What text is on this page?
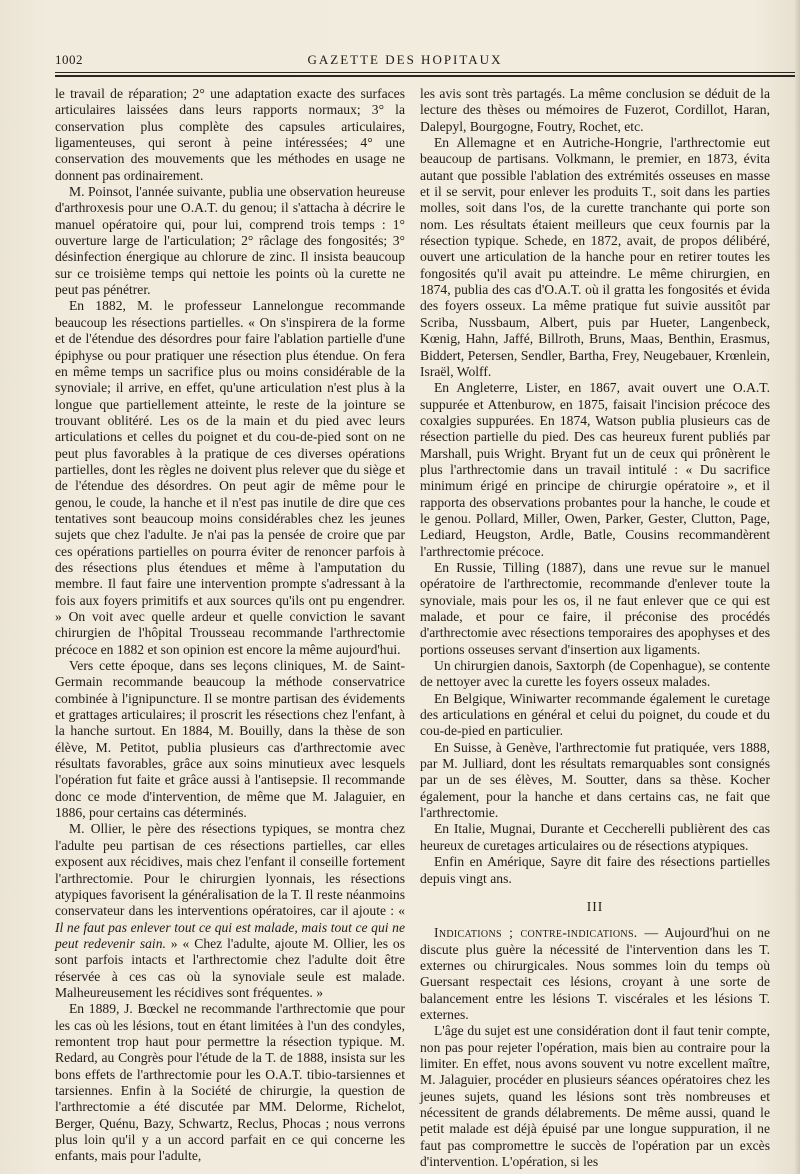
1002	GAZETTE DES HOPITAUX

le travail de réparation; 2° une adaptation exacte des surfaces articulaires laissées dans leurs rapports normaux; 3° la conservation plus complète des capsules articulaires, ligamenteuses, qui seront à peine intéressées; 4° une conservation des mouvements que les méthodes en usage ne donnent pas ordinairement.

M. Poinsot, l'année suivante, publia une observation heureuse d'arthroxesis pour une O.A.T. du genou; il s'attacha à décrire le manuel opératoire qui, pour lui, comprend trois temps : 1° ouverture large de l'articulation; 2° râclage des fongosités; 3° désinfection énergique au chlorure de zinc. Il insista beaucoup sur ce troisième temps qui nettoie les points où la curette ne peut pas pénétrer.

En 1882, M. le professeur Lannelongue recommande beaucoup les résections partielles. « On s'inspirera de la forme et de l'étendue des désordres pour faire l'ablation partielle d'une épiphyse ou pour pratiquer une résection plus étendue. On fera en même temps un sacrifice plus ou moins considérable de la synoviale; il arrive, en effet, qu'une articulation n'est plus à la longue que partiellement atteinte, le reste de la jointure se trouvant oblitéré. Les os de la main et du pied avec leurs articulations et celles du poignet et du cou-de-pied sont on ne peut plus favorables à la pratique de ces diverses opérations partielles, dont les règles ne doivent plus relever que du siège et de l'étendue des désordres. On peut agir de même pour le genou, le coude, la hanche et il n'est pas inutile de dire que ces tentatives sont beaucoup moins considérables chez les jeunes sujets que chez l'adulte. Je n'ai pas la pensée de croire que par ces opérations partielles on pourra éviter de renoncer parfois à des résections plus étendues et même à l'amputation du membre. Il faut faire une intervention prompte s'adressant à la fois aux foyers primitifs et aux sources qu'ils ont pu engendrer. » On voit avec quelle ardeur et quelle conviction le savant chirurgien de l'hôpital Trousseau recommande l'arthrectomie précoce en 1882 et son opinion est encore la même aujourd'hui.

Vers cette époque, dans ses leçons cliniques, M. de Saint-Germain recommande beaucoup la méthode conservatrice combinée à l'ignipuncture. Il se montre partisan des évidements et grattages articulaires; il proscrit les résections chez l'enfant, à la hanche surtout. En 1884, M. Bouilly, dans la thèse de son élève, M. Petitot, publia plusieurs cas d'arthrectomie avec résultats favorables, grâce aux soins minutieux avec lesquels l'opération fut faite et grâce aussi à l'antisepsie. Il recommande donc ce mode d'intervention, de même que M. Jalaguier, en 1886, pour certains cas déterminés.

M. Ollier, le père des résections typiques, se montra chez l'adulte peu partisan de ces résections partielles, car elles exposent aux récidives, mais chez l'enfant il conseille fortement l'arthrectomie. Pour le chirurgien lyonnais, les résections atypiques favorisent la généralisation de la T. Il reste néanmoins conservateur dans les interventions opératoires, car il ajoute : « Il ne faut pas enlever tout ce qui est malade, mais tout ce qui ne peut redevenir sain. » « Chez l'adulte, ajoute M. Ollier, les os sont parfois intacts et l'arthrectomie chez l'adulte doit être réservée à ces cas où la synoviale seule est malade. Malheureusement les récidives sont fréquentes. »

En 1889, J. Bœckel ne recommande l'arthrectomie que pour les cas où les lésions, tout en étant limitées à l'un des condyles, remontent trop haut pour permettre la résection typique. M. Redard, au Congrès pour l'étude de la T. de 1888, insista sur les bons effets de l'arthrectomie pour les O.A.T. tibio-tarsiennes et tarsiennes. Enfin à la Société de chirurgie, la question de l'arthrectomie a été discutée par MM. Delorme, Richelot, Berger, Quénu, Bazy, Schwartz, Reclus, Phocas ; nous verrons plus loin qu'il y a un accord parfait en ce qui concerne les enfants, mais pour l'adulte,

les avis sont très partagés. La même conclusion se déduit de la lecture des thèses ou mémoires de Fuzerot, Cordillot, Haran, Dalepyl, Bourgogne, Foutry, Rochet, etc.

En Allemagne et en Autriche-Hongrie, l'arthrectomie eut beaucoup de partisans. Volkmann, le premier, en 1873, évita autant que possible l'ablation des extrémités osseuses en masse et il se servit, pour enlever les produits T., soit dans les parties molles, soit dans l'os, de la curette tranchante qui porte son nom. Les résultats étaient meilleurs que ceux fournis par la résection typique. Schede, en 1872, avait, de propos délibéré, ouvert une articulation de la hanche pour en retirer toutes les fongosités qu'il avait pu atteindre. Le même chirurgien, en 1874, publia des cas d'O.A.T. où il gratta les fongosités et évida des foyers osseux. La même pratique fut suivie aussitôt par Scriba, Nussbaum, Albert, puis par Hueter, Langenbeck, Kœnig, Hahn, Jaffé, Billroth, Bruns, Maas, Benthin, Erasmus, Biddert, Petersen, Sendler, Bartha, Frey, Neugebauer, Krœnlein, Israël, Wolff.

En Angleterre, Lister, en 1867, avait ouvert une O.A.T. suppurée et Attenburow, en 1875, faisait l'incision précoce des coxalgies suppurées. En 1874, Watson publia plusieurs cas de résection partielle du pied. Des cas heureux furent publiés par Marshall, puis Wright. Bryant fut un de ceux qui prônèrent le plus l'arthrectomie dans un travail intitulé : « Du sacrifice minimum érigé en principe de chirurgie opératoire », et il rapporta des observations probantes pour la hanche, le coude et le genou. Pollard, Miller, Owen, Parker, Gester, Clutton, Page, Lediard, Heugston, Ardle, Batle, Cousins recommandèrent l'arthrectomie précoce.

En Russie, Tilling (1887), dans une revue sur le manuel opératoire de l'arthrectomie, recommande d'enlever toute la synoviale, mais pour les os, il ne faut enlever que ce qui est malade, et pour ce faire, il préconise des procédés d'arthrectomie avec résections temporaires des apophyses et des portions osseuses servant d'insertion aux ligaments.

Un chirurgien danois, Saxtorph (de Copenhague), se contente de nettoyer avec la curette les foyers osseux malades.

En Belgique, Winiwarter recommande également le curetage des articulations en général et celui du poignet, du coude et du cou-de-pied en particulier.

En Suisse, à Genève, l'arthrectomie fut pratiquée, vers 1888, par M. Julliard, dont les résultats remarquables sont consignés par un de ses élèves, M. Soutter, dans sa thèse. Kocher également, pour la hanche et dans certains cas, ne fait que l'arthrectomie.

En Italie, Mugnai, Durante et Ceccherelli publièrent des cas heureux de curetages articulaires ou de résections atypiques.

Enfin en Amérique, Sayre dit faire des résections partielles depuis vingt ans.

III

Indications ; contre-indications. — Aujourd'hui on ne discute plus guère la nécessité de l'intervention dans les T. externes ou chirurgicales. Nous sommes loin du temps où Guersant respectait ces lésions, croyant à une sorte de balancement entre les lésions T. viscérales et les lésions T. externes.

L'âge du sujet est une considération dont il faut tenir compte, non pas pour rejeter l'opération, mais bien au contraire pour la limiter. En effet, nous avons souvent vu notre excellent maître, M. Jalaguier, procéder en plusieurs séances opératoires chez les jeunes sujets, quand les lésions sont très nombreuses et nécessitent de grands délabrements. De même aussi, quand le petit malade est déjà épuisé par une longue suppuration, il ne faut pas compromettre le succès de l'opération par un excès d'intervention. L'opération, si les
